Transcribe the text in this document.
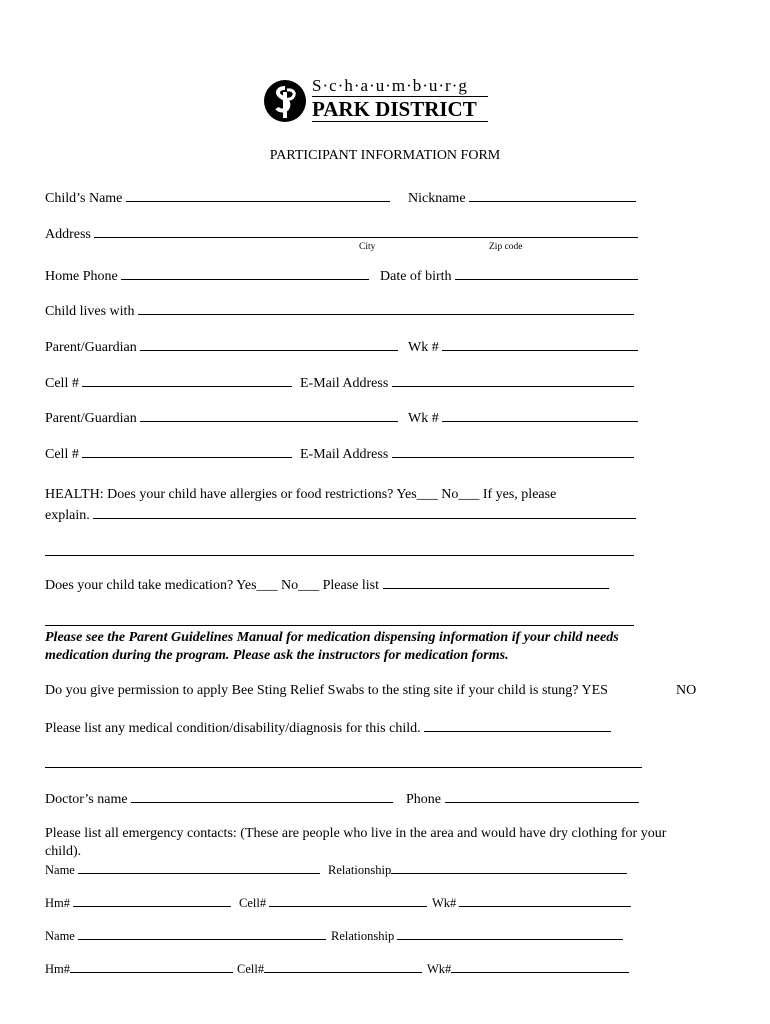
S·c·h·a·u·m·b·u·r·g
PARK DISTRICT
PARTICIPANT INFORMATION FORM
Child’s Name	Nickname
Address
City	Zip code
Home Phone	Date of birth
Child lives with
Parent/Guardian	Wk #
Cell #	E-Mail Address
Parent/Guardian	Wk #
Cell #	E-Mail Address
HEALTH: Does your child have allergies or food restrictions? Yes___ No___ If yes, please
explain.
Does your child take medication? Yes___ No___ Please list
Please see the Parent Guidelines Manual for medication dispensing information if your child needs
medication during the program. Please ask the instructors for medication forms.
Do you give permission to apply Bee Sting Relief Swabs to the sting site if your child is stung? YES	NO
Please list any medical condition/disability/diagnosis for this child.
Doctor’s name	Phone
Please list all emergency contacts: (These are people who live in the area and would have dry clothing for your
child).
Name	Relationship
Hm#	Cell#	Wk#
Name	Relationship
Hm#	Cell#	Wk#
